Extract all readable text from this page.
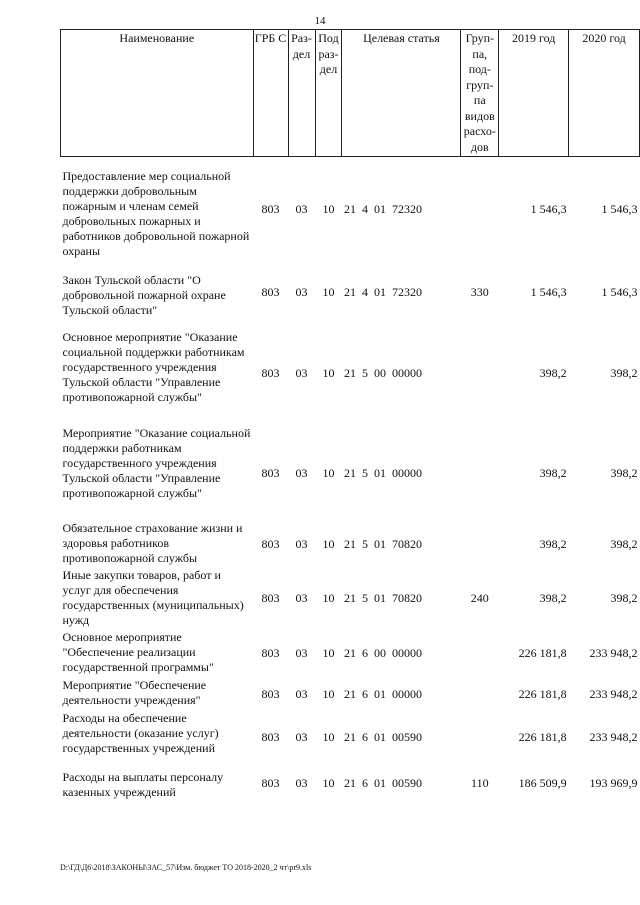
14
Наименование	ГРБ С	Раз-дел	Под раз-дел	Целевая статья	Груп-па, под-груп-па видов расхо-дов	2019 год	2020 год
Предоставление мер социальной поддержки добровольным пожарным и членам семей добровольных пожарных и работников добровольной пожарной охраны	803	03	10	21  4  01  72320		1 546,3	1 546,3
Закон Тульской области "О добровольной пожарной охране Тульской области"	803	03	10	21  4  01  72320	330	1 546,3	1 546,3
Основное мероприятие "Оказание социальной поддержки работникам государственного учреждения Тульской области "Управление противопожарной службы"	803	03	10	21  5  00  00000		398,2	398,2
Мероприятие "Оказание социальной поддержки работникам государственного учреждения Тульской области "Управление противопожарной службы"	803	03	10	21  5  01  00000		398,2	398,2
Обязательное страхование жизни и здоровья работников противопожарной службы	803	03	10	21  5  01  70820		398,2	398,2
Иные закупки товаров, работ и услуг для обеспечения государственных (муниципальных) нужд	803	03	10	21  5  01  70820	240	398,2	398,2
Основное мероприятие "Обеспечение реализации государственной программы"	803	03	10	21  6  00  00000		226 181,8	233 948,2
Мероприятие "Обеспечение деятельности учреждения"	803	03	10	21  6  01  00000		226 181,8	233 948,2
Расходы на обеспечение деятельности (оказание услуг) государственных учреждений	803	03	10	21  6  01  00590		226 181,8	233 948,2
Расходы на выплаты персоналу казенных учреждений	803	03	10	21  6  01  00590	110	186 509,9	193 969,9
D:\ГД\Д6\2018\ЗАКОНЫ\ЗАС_57\Изм. бюджет ТО 2018-2020_2 чт\pr9.xls
